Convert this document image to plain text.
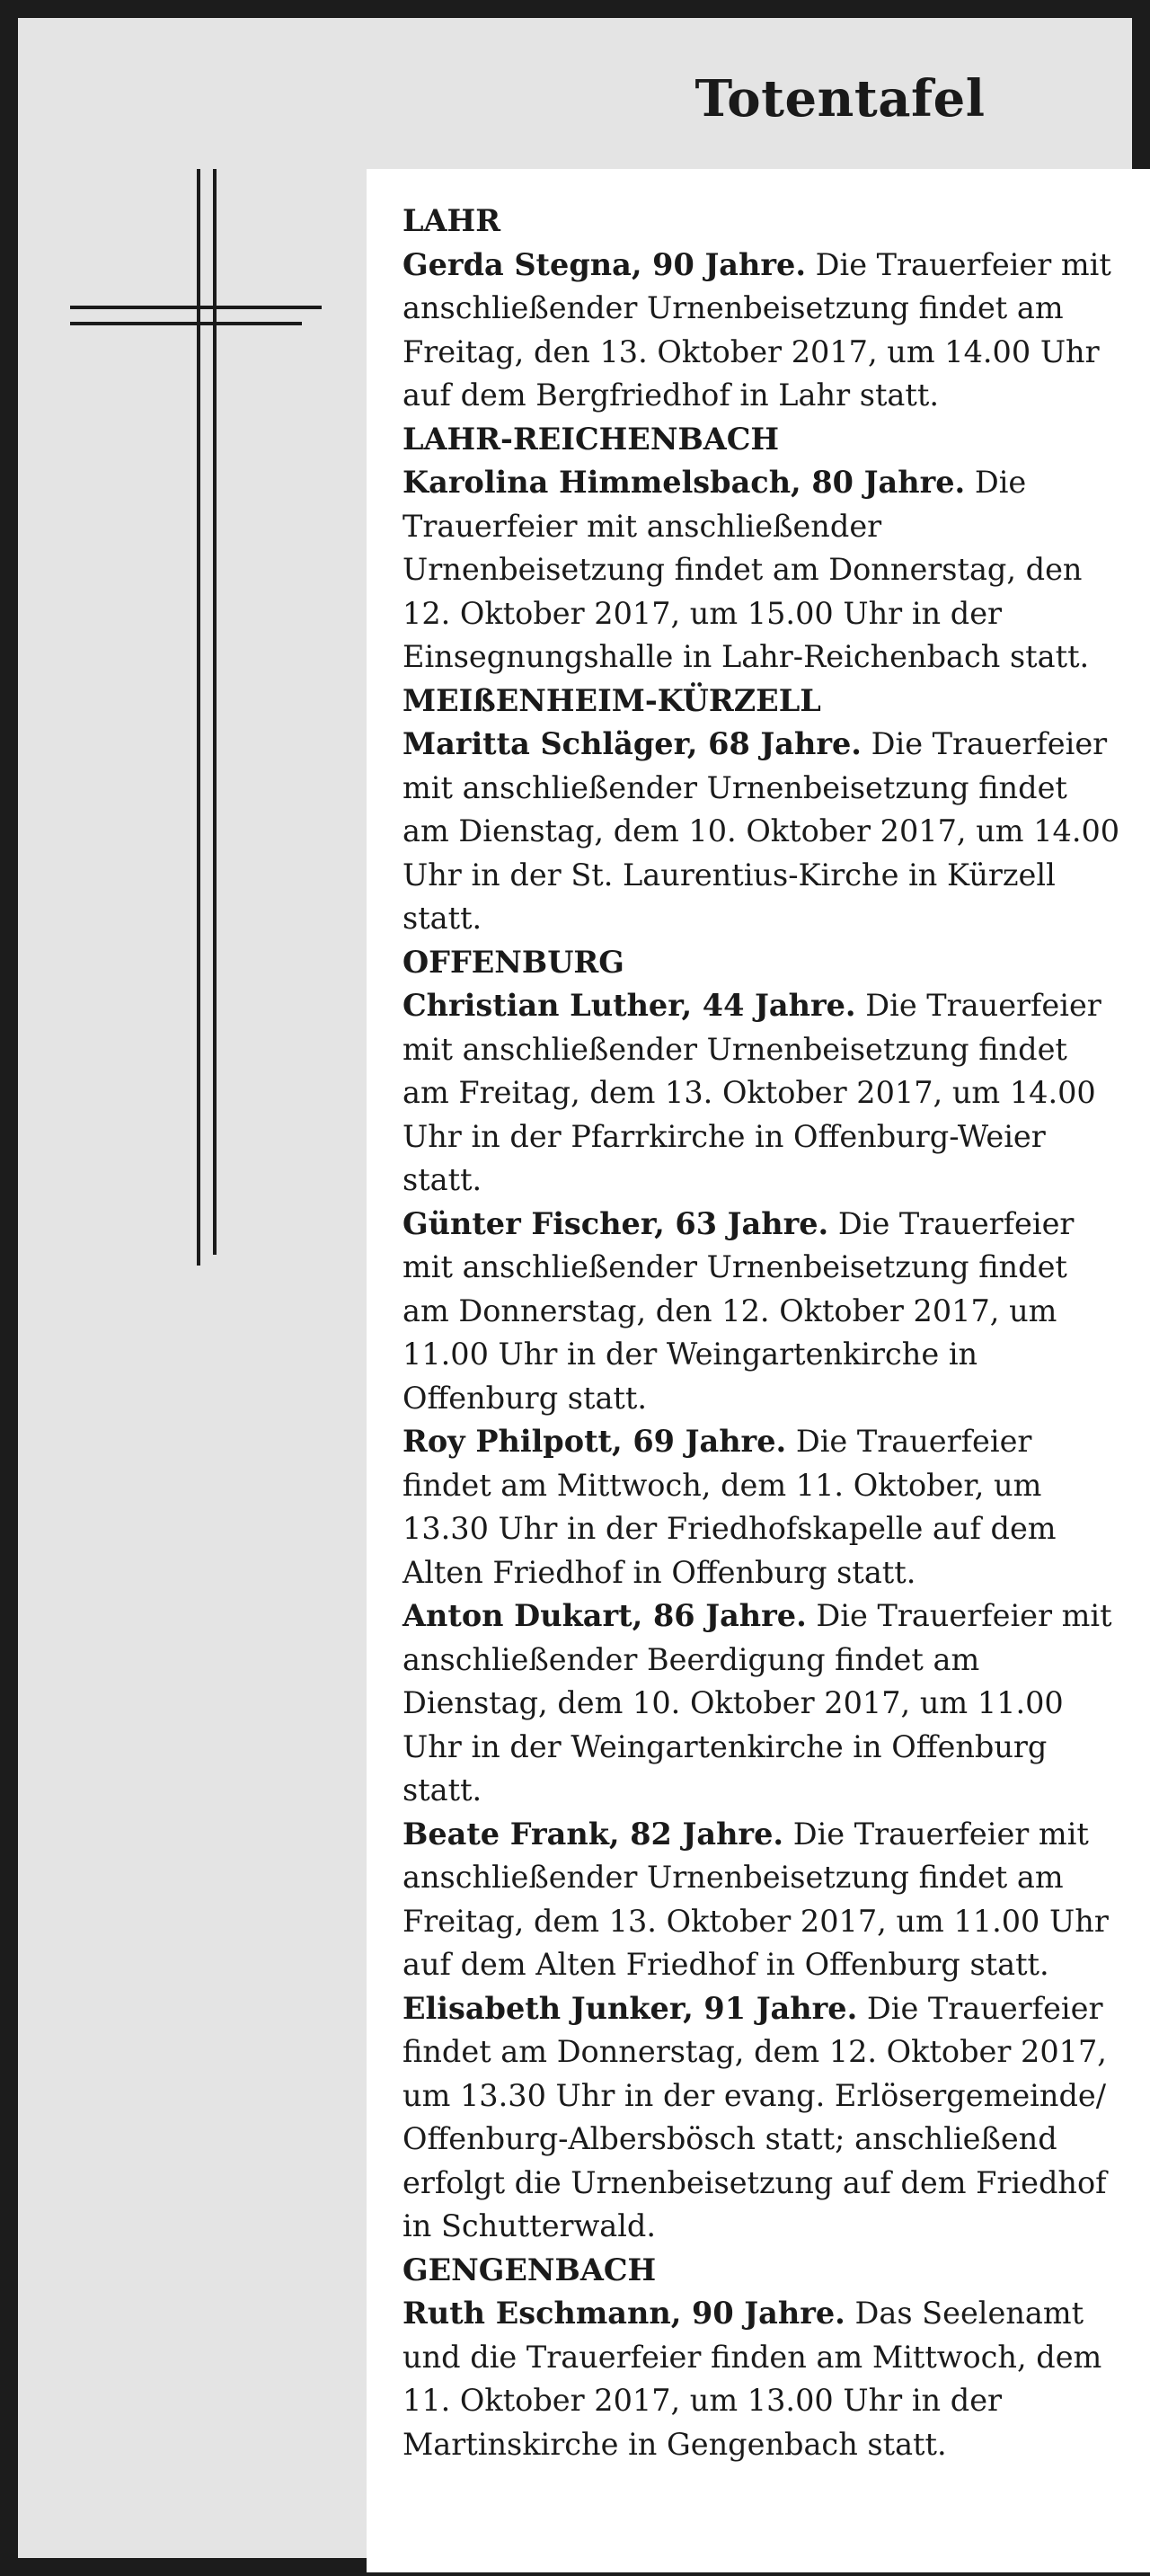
Totentafel
LAHR

Gerda Stegna, 90 Jahre. Die Trauerfeier mit anschließender Urnenbeisetzung findet am Freitag, den 13. Oktober 2017, um 14.00 Uhr auf dem Bergfriedhof in Lahr statt.

LAHR-REICHENBACH

Karolina Himmelsbach, 80 Jahre. Die Trauerfeier mit anschließender Urnenbeisetzung findet am Donnerstag, den 12. Oktober 2017, um 15.00 Uhr in der Einsegnungshalle in Lahr-Reichenbach statt.

MEIßENHEIM-KÜRZELL

Maritta Schläger, 68 Jahre. Die Trauerfeier mit anschließender Urnenbeisetzung findet am Dienstag, dem 10. Oktober 2017, um 14.00 Uhr in der St. Laurentius-Kirche in Kürzell statt.

OFFENBURG

Christian Luther, 44 Jahre. Die Trauerfeier mit anschließender Urnenbeisetzung findet am Freitag, dem 13. Oktober 2017, um 14.00 Uhr in der Pfarrkirche in Offenburg-Weier statt.

Günter Fischer, 63 Jahre. Die Trauerfeier mit anschließender Urnenbeisetzung findet am Donnerstag, den 12. Oktober 2017, um 11.00 Uhr in der Weingartenkirche in Offenburg statt.

Roy Philpott, 69 Jahre. Die Trauerfeier findet am Mittwoch, dem 11. Oktober, um 13.30 Uhr in der Friedhofskapelle auf dem Alten Friedhof in Offenburg statt.

Anton Dukart, 86 Jahre. Die Trauerfeier mit anschließender Beerdigung findet am Dienstag, dem 10. Oktober 2017, um 11.00 Uhr in der Weingartenkirche in Offenburg statt.

Beate Frank, 82 Jahre. Die Trauerfeier mit anschließender Urnenbeisetzung findet am Freitag, dem 13. Oktober 2017, um 11.00 Uhr auf dem Alten Friedhof in Offenburg statt.

Elisabeth Junker, 91 Jahre. Die Trauerfeier findet am Donnerstag, dem 12. Oktober 2017, um 13.30 Uhr in der evang. Erlösergemeinde/ Offenburg-Albersbösch statt; anschließend erfolgt die Urnenbeisetzung auf dem Friedhof in Schutterwald.

GENGENBACH

Ruth Eschmann, 90 Jahre. Das Seelenamt und die Trauerfeier finden am Mittwoch, dem 11. Oktober 2017, um 13.00 Uhr in der Martinskirche in Gengenbach statt.
